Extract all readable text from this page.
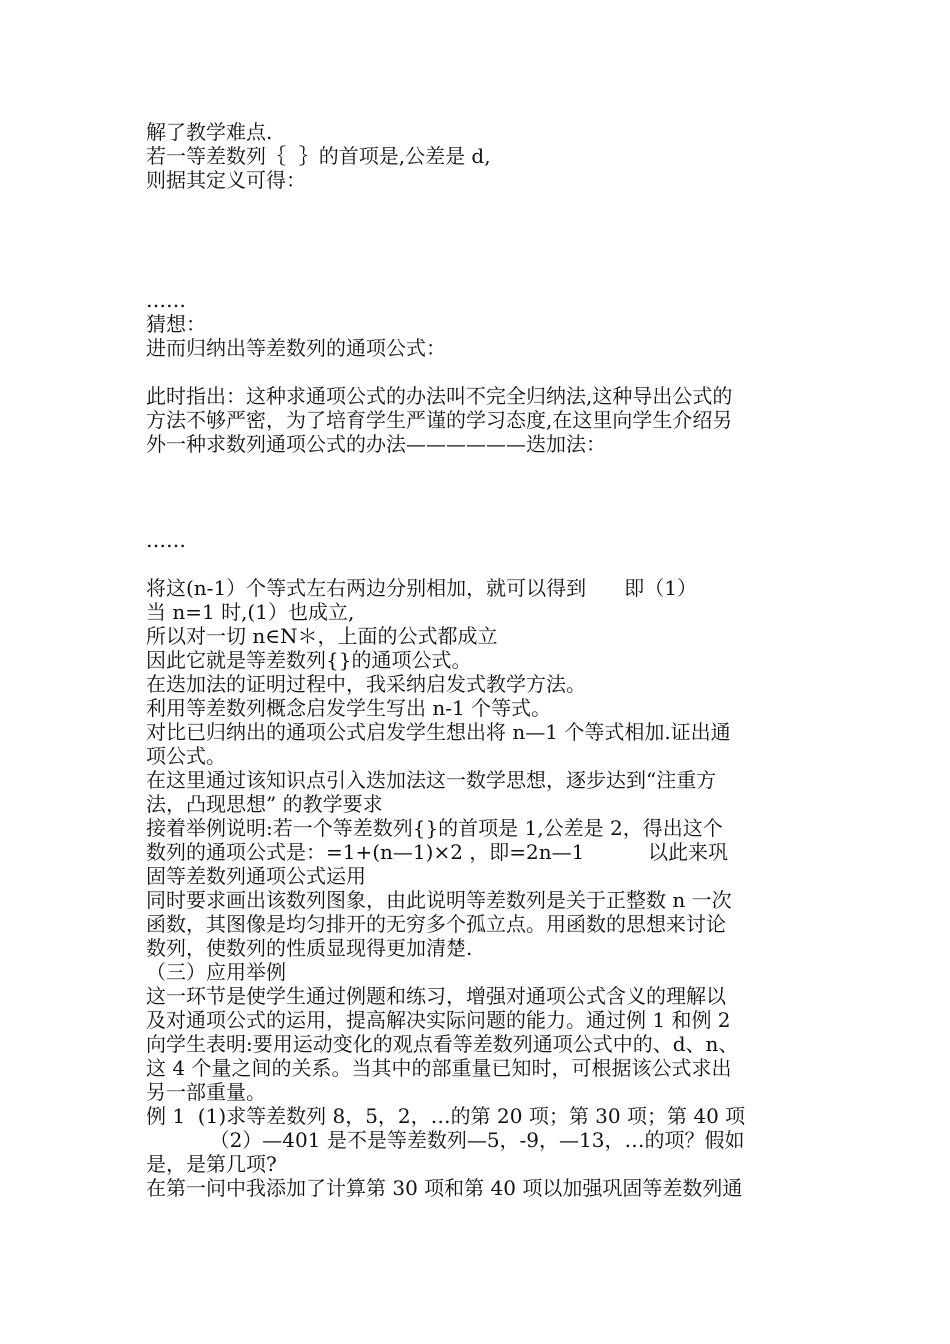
解了教学难点.
若一等差数列｛  ｝的首项是,公差是 d,
则据其定义可得：
……
猜想：
进而归纳出等差数列的通项公式：
此时指出：这种求通项公式的办法叫不完全归纳法,这种导出公式的
方法不够严密，为了培育学生严谨的学习态度,在这里向学生介绍另
外一种求数列通项公式的办法——————迭加法：
……
将这(n-1）个等式左右两边分别相加，就可以得到      即（1）
当 n=1 时,(1）也成立,
所以对一切 n∈N＊，上面的公式都成立
因此它就是等差数列{}的通项公式。
在迭加法的证明过程中，我采纳启发式教学方法。
利用等差数列概念启发学生写出 n-1 个等式。
对比已归纳出的通项公式启发学生想出将 n—1 个等式相加.证出通
项公式。
在这里通过该知识点引入迭加法这一数学思想，逐步达到“注重方
法，凸现思想” 的教学要求
接着举例说明:若一个等差数列{}的首项是 1,公差是 2，得出这个
数列的通项公式是：=1+(n—1)×2 ，即=2n—1          以此来巩
固等差数列通项公式运用
同时要求画出该数列图象，由此说明等差数列是关于正整数 n 一次
函数，其图像是均匀排开的无穷多个孤立点。用函数的思想来讨论
数列，使数列的性质显现得更加清楚.
（三）应用举例
这一环节是使学生通过例题和练习，增强对通项公式含义的理解以
及对通项公式的运用，提高解决实际问题的能力。通过例 1 和例 2
向学生表明:要用运动变化的观点看等差数列通项公式中的、d、n、
这 4 个量之间的关系。当其中的部重量已知时，可根据该公式求出
另一部重量。
例 1  (1)求等差数列 8，5，2，…的第 20 项；第 30 项；第 40 项
（2）—401 是不是等差数列—5，-9，—13，…的项？假如
是，是第几项?
在第一问中我添加了计算第 30 项和第 40 项以加强巩固等差数列通
